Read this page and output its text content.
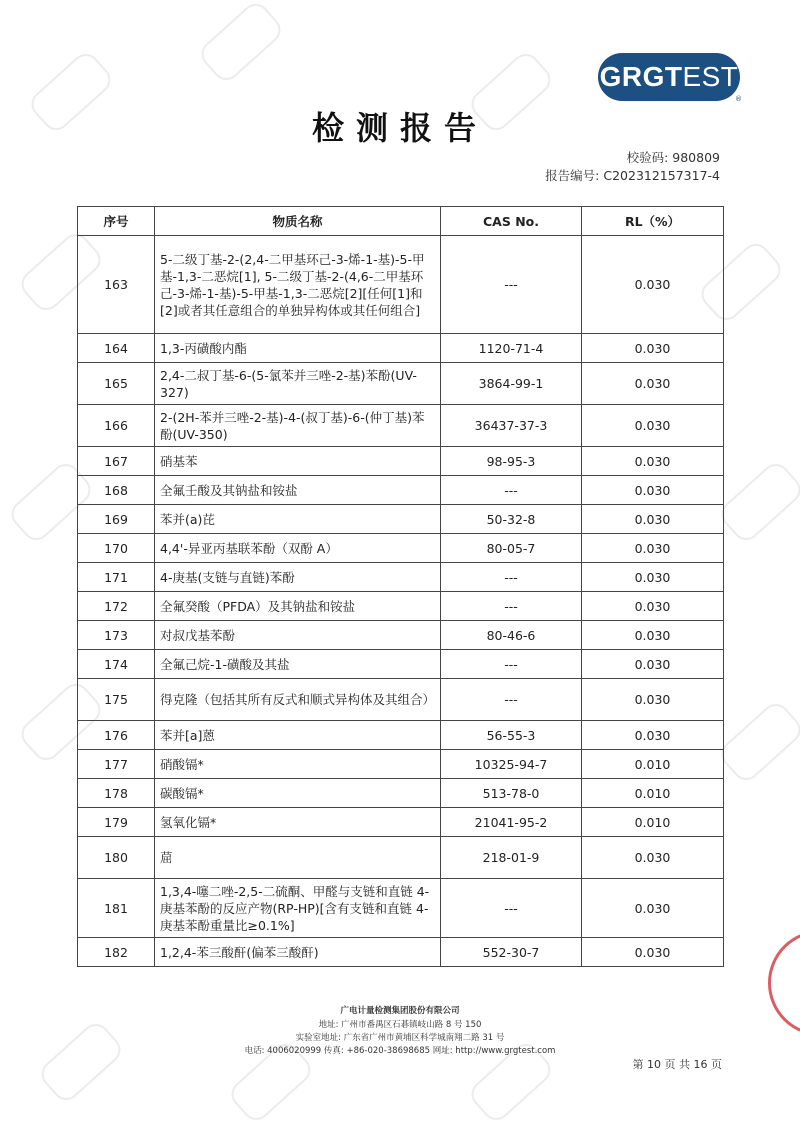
GRGTEST
®
检测报告
校验码: 980809
报告编号: C202312157317-4
序号	物质名称	CAS No.	RL（%）
163	5-二级丁基-2-(2,4-二甲基环己-3-烯-1-基)-5-甲基-1,3-二恶烷[1], 5-二级丁基-2-(4,6-二甲基环己-3-烯-1-基)-5-甲基-1,3-二恶烷[2][任何[1]和[2]或者其任意组合的单独异构体或其任何组合]	---	0.030
164	1,3-丙磺酸内酯	1120-71-4	0.030
165	2,4-二叔丁基-6-(5-氯苯并三唑-2-基)苯酚(UV-327)	3864-99-1	0.030
166	2-(2H-苯并三唑-2-基)-4-(叔丁基)-6-(仲丁基)苯酚(UV-350)	36437-37-3	0.030
167	硝基苯	98-95-3	0.030
168	全氟壬酸及其钠盐和铵盐	---	0.030
169	苯并(a)芘	50-32-8	0.030
170	4,4'-异亚丙基联苯酚（双酚 A）	80-05-7	0.030
171	4-庚基(支链与直链)苯酚	---	0.030
172	全氟癸酸（PFDA）及其钠盐和铵盐	---	0.030
173	对叔戊基苯酚	80-46-6	0.030
174	全氟己烷-1-磺酸及其盐	---	0.030
175	得克隆（包括其所有反式和顺式异构体及其组合）	---	0.030
176	苯并[a]蒽	56-55-3	0.030
177	硝酸镉*	10325-94-7	0.010
178	碳酸镉*	513-78-0	0.010
179	氢氧化镉*	21041-95-2	0.010
180	䓛	218-01-9	0.030
181	1,3,4-噻二唑-2,5-二硫酮、甲醛与支链和直链 4-庚基苯酚的反应产物(RP-HP)[含有支链和直链 4-庚基苯酚重量比≥0.1%]	---	0.030
182	1,2,4-苯三酸酐(偏苯三酸酐)	552-30-7	0.030
广电计量检测集团股份有限公司
地址: 广州市番禺区石碁镇岐山路 8 号 150
实验室地址: 广东省广州市黄埔区科学城南翔二路 31 号
电话: 4006020999 传真: +86-020-38698685 网址: http://www.grgtest.com
第 10 页 共 16 页
